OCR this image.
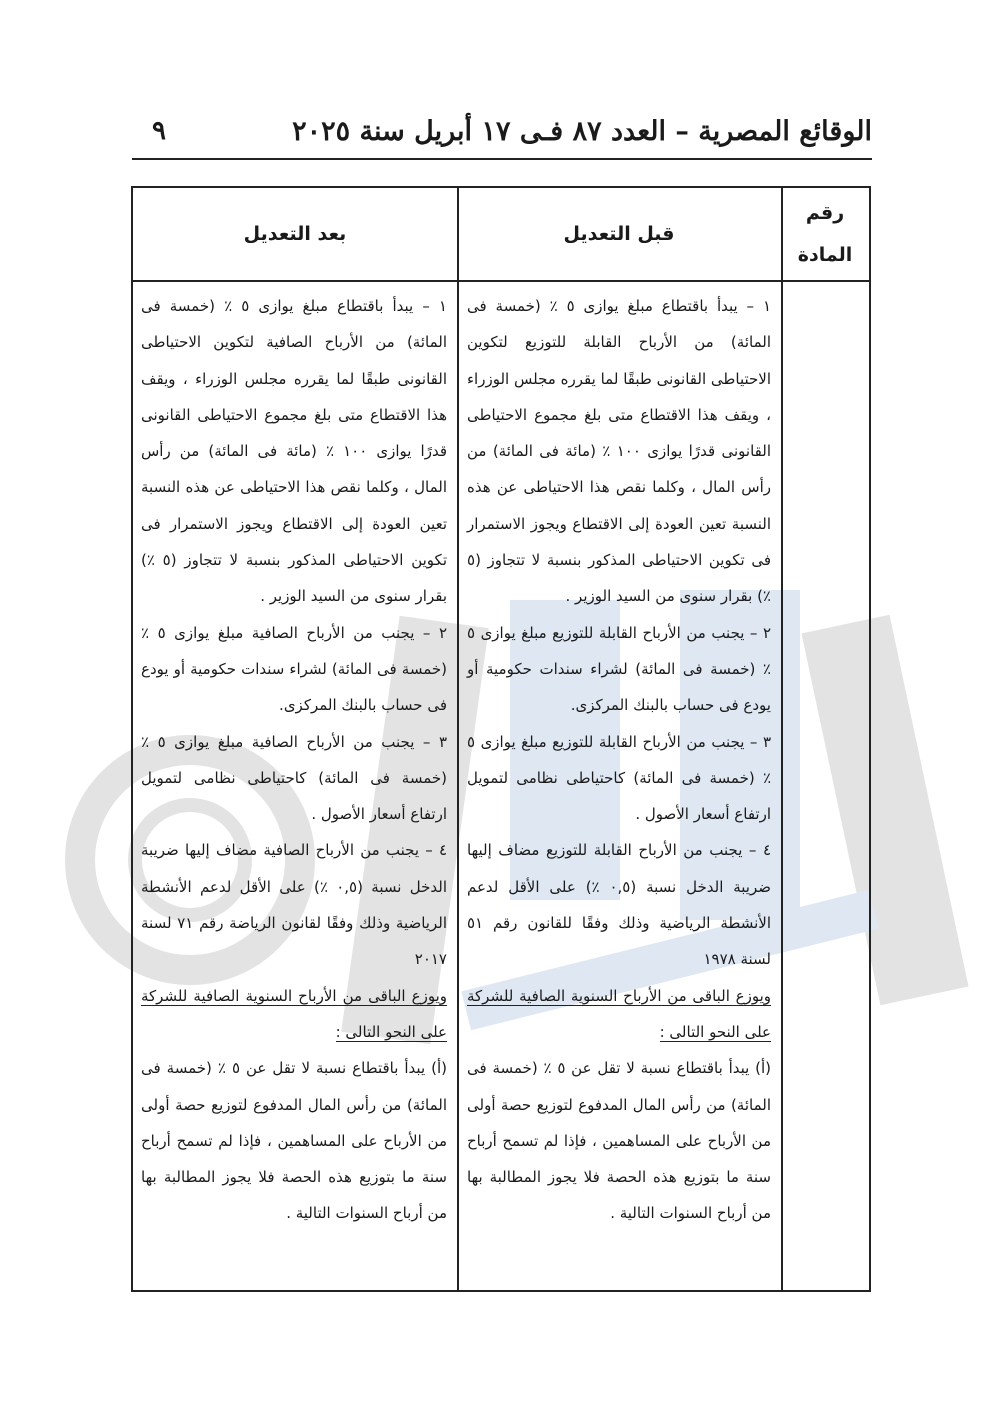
الوقائع المصرية – العدد ٨٧ فـى ١٧ أبريل سنة ٢٠٢٥
٩
رقم
المادة
قبل التعديل
بعد التعديل

١ – يبدأ باقتطاع مبلغ يوازى ٥ ٪ (خمسة فى المائة) من الأرباح القابلة للتوزيع لتكوين الاحتياطى القانونى طبقًا لما يقرره مجلس الوزراء ، ويقف هذا الاقتطاع متى بلغ مجموع الاحتياطى القانونى قدرًا يوازى ١٠٠ ٪ (مائة فى المائة) من رأس المال ، وكلما نقص هذا الاحتياطى عن هذه النسبة تعين العودة إلى الاقتطاع ويجوز الاستمرار فى تكوين الاحتياطى المذكور بنسبة لا تتجاوز (٥ ٪) بقرار سنوى من السيد الوزير .

٢ – يجنب من الأرباح القابلة للتوزيع مبلغ يوازى ٥ ٪ (خمسة فى المائة) لشراء سندات حكومية أو يودع فى حساب بالبنك المركزى.

٣ – يجنب من الأرباح القابلة للتوزيع مبلغ يوازى ٥ ٪ (خمسة فى المائة) كاحتياطى نظامى لتمويل ارتفاع أسعار الأصول .

٤ – يجنب من الأرباح القابلة للتوزيع مضاف إليها ضريبة الدخل نسبة (٠,٥ ٪) على الأقل لدعم الأنشطة الرياضية وذلك وفقًا للقانون رقم ٥١ لسنة ١٩٧٨

ويوزع الباقى من الأرباح السنوية الصافية للشركة على النحو التالى :

(أ) يبدأ باقتطاع نسبة لا تقل عن ٥ ٪ (خمسة فى المائة) من رأس المال المدفوع لتوزيع حصة أولى من الأرباح على المساهمين ، فإذا لم تسمح أرباح سنة ما بتوزيع هذه الحصة فلا يجوز المطالبة بها من أرباح السنوات التالية .

١ – يبدأ باقتطاع مبلغ يوازى ٥ ٪ (خمسة فى المائة) من الأرباح الصافية لتكوين الاحتياطى القانونى طبقًا لما يقرره مجلس الوزراء ، ويقف هذا الاقتطاع متى بلغ مجموع الاحتياطى القانونى قدرًا يوازى ١٠٠ ٪ (مائة فى المائة) من رأس المال ، وكلما نقص هذا الاحتياطى عن هذه النسبة تعين العودة إلى الاقتطاع ويجوز الاستمرار فى تكوين الاحتياطى المذكور بنسبة لا تتجاوز (٥ ٪) بقرار سنوى من السيد الوزير .

٢ – يجنب من الأرباح الصافية مبلغ يوازى ٥ ٪ (خمسة فى المائة) لشراء سندات حكومية أو يودع فى حساب بالبنك المركزى.

٣ – يجنب من الأرباح الصافية مبلغ يوازى ٥ ٪ (خمسة فى المائة) كاحتياطى نظامى لتمويل ارتفاع أسعار الأصول .

٤ – يجنب من الأرباح الصافية مضاف إليها ضريبة الدخل نسبة (٠,٥ ٪) على الأقل لدعم الأنشطة الرياضية وذلك وفقًا لقانون الرياضة رقم ٧١ لسنة ٢٠١٧

ويوزع الباقى من الأرباح السنوية الصافية للشركة على النحو التالى :

(أ) يبدأ باقتطاع نسبة لا تقل عن ٥ ٪ (خمسة فى المائة) من رأس المال المدفوع لتوزيع حصة أولى من الأرباح على المساهمين ، فإذا لم تسمح أرباح سنة ما بتوزيع هذه الحصة فلا يجوز المطالبة بها من أرباح السنوات التالية .
